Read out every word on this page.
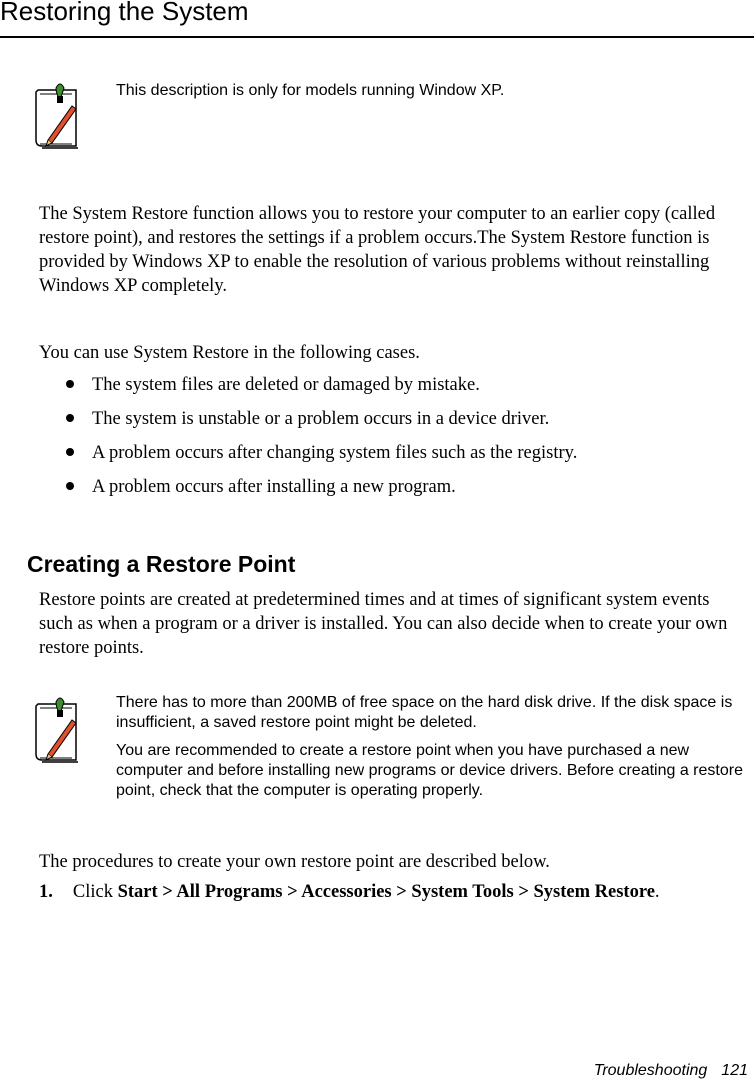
Restoring the System
This description is only for models running Window XP.
The System Restore function allows you to restore your computer to an earlier copy (called restore point), and restores the settings if a problem occurs.The System Restore function is provided by Windows XP to enable the resolution of various problems without reinstalling Windows XP completely.
You can use System Restore in the following cases.
The system files are deleted or damaged by mistake.
The system is unstable or a problem occurs in a device driver.
A problem occurs after changing system files such as the registry.
A problem occurs after installing a new program.
Creating a Restore Point
Restore points are created at predetermined times and at times of significant system events such as when a program or a driver is installed. You can also decide when to create your own restore points.
There has to more than 200MB of free space on the hard disk drive. If the disk space is insufficient, a saved restore point might be deleted.
You are recommended to create a restore point when you have purchased a new computer and before installing new programs or device drivers. Before creating a restore point, check that the computer is operating properly.
The procedures to create your own restore point are described below.
1. Click Start > All Programs > Accessories > System Tools > System Restore.
Troubleshooting 121
